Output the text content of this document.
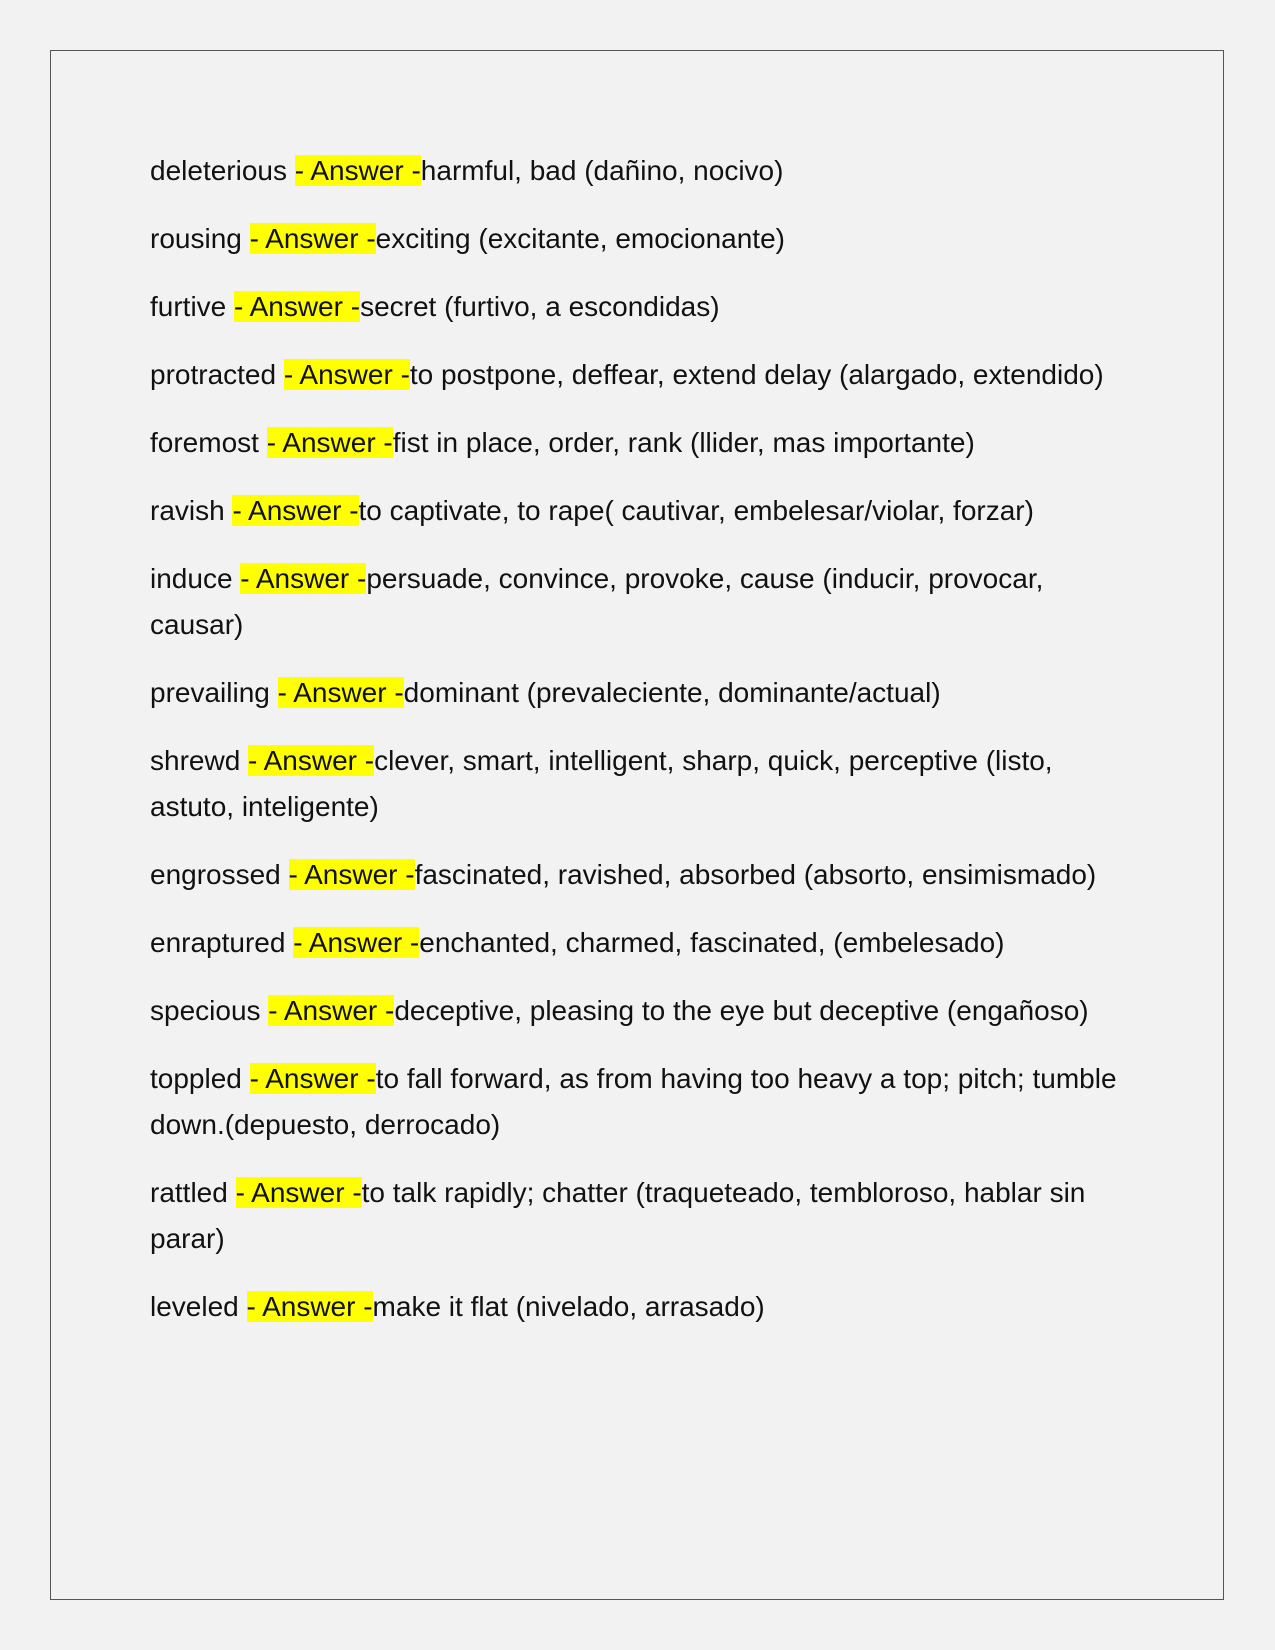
deleterious - Answer -harmful, bad (dañino, nocivo)

rousing - Answer -exciting (excitante, emocionante)

furtive - Answer -secret (furtivo, a escondidas)

protracted - Answer -to postpone, deffear, extend delay (alargado, extendido)

foremost - Answer -fist in place, order, rank (llider, mas importante)

ravish - Answer -to captivate, to rape( cautivar, embelesar/violar, forzar)

induce - Answer -persuade, convince, provoke, cause (inducir, provocar, causar)

prevailing - Answer -dominant (prevaleciente, dominante/actual)

shrewd - Answer -clever, smart, intelligent, sharp, quick, perceptive (listo, astuto, inteligente)

engrossed - Answer -fascinated, ravished, absorbed (absorto, ensimismado)

enraptured - Answer -enchanted, charmed, fascinated, (embelesado)

specious - Answer -deceptive, pleasing to the eye but deceptive (engañoso)

toppled - Answer -to fall forward, as from having too heavy a top; pitch; tumble down.(depuesto, derrocado)

rattled - Answer -to talk rapidly; chatter (traqueteado, tembloroso, hablar sin parar)

leveled - Answer -make it flat (nivelado, arrasado)
